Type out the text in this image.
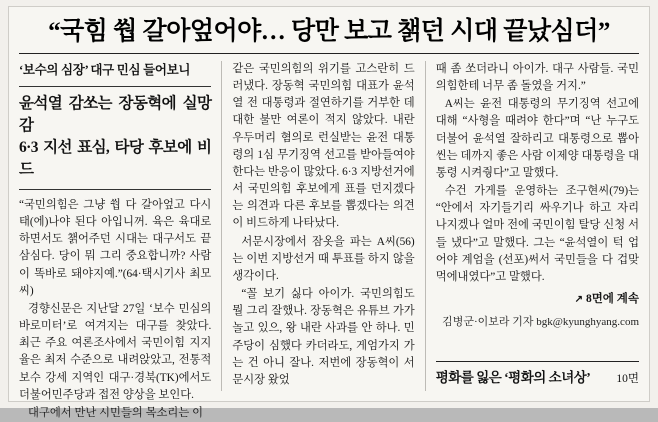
“국힘 쒑 갈아엎어야… 당만 보고 챍던 시대 끝났심더”
‘보수의 심장’ 대구 민심 들어보니
윤석열 감쏘는 장동혁에 실망감
6·3 지선 표심, 타당 후보에 비드

“국민의힘은 그냥 쒑 다 갈아엎고 다시 태(에)나야 된다 아입니꺼. 육은 육대로 하면서도 챍어주던 시대는 대구서도 끝삼심다. 당이 뭐 그리 중요합니까? 사람이 똑바로 돼야지예.”(64·택시기사 최모씨)

경향신문은 지난달 27일 ‘보수 민심의 바로미터’로 여겨지는 대구를 찾았다. 최근 주요 여론조사에서 국민이힘 지지율은 최저 수준으로 내려앉았고, 전통적 보수 강세 지역인 대구·경북(TK)에서도 더불어민주당과 접전 양상을 보인다.

대구에서 만난 시민들의 목소리는 이

같은 국민의힘의 위기를 고스란히 드러냈다. 장동혁 국민의힘 대표가 윤석열 전 대통령과 절연하기를 거부한 데 대한 불만 여론이 적지 않았다. 내란 우두머리 혐의로 런실받는 윤전 대통령의 1심 무기징역 선고를 받아들여야 한다는 반응이 많았다. 6·3 지방선거에서 국민의힘 후보에게 표를 던지겠다는 의견과 다른 후보를 뽑겠다는 의견이 비드하게 나타났다.

서문시장에서 잠옷을 파는 A씨(56)는 이번 지방선거 때 투표를 하지 않을 생각이다.

“꼴 보기 싫다 아이가. 국민의힘도 뭘 그리 잘했나. 장동혁은 유튜브 가가 놀고 있으, 왕 내란 사과를 안 하나. 민주당이 심했다 카더라도, 게엄가지 가는 건 아니 잘나. 저번에 장동혁이 서문시장 왔었

때 좀 쏘더라니 아이가. 대구 사람들. 국민의힘한테 너무 좀 돌였을 거지.”

A씨는 윤전 대통령의 무기징역 선고에 대해 “사형을 때려야 한다”며 “난 누구도 더불어 윤석열 잘하리고 대통령으로 뽑아씬는 데까지 좋은 사람 이제양 대통령을 대통령 시켜줭다”고 말했다.

수건 가게를 운영하는 조구현씨(79)는 “안에서 자기들기리 싸우기나 하고 자리 나지겠나 얼마 전에 국민이힘 탈당 신청 서들 냈다”고 말했다. 그는 “윤석열이 턱 업어야 계엄을 (선포)써서 국민들을 다 겁맞먹에내였다”고 말했다.

↗ 8면에 계속
김병군·이보라 기자 bgk@kyunghyang.com
평화를 잃은 ‘평화의 소녀상’ 10면
